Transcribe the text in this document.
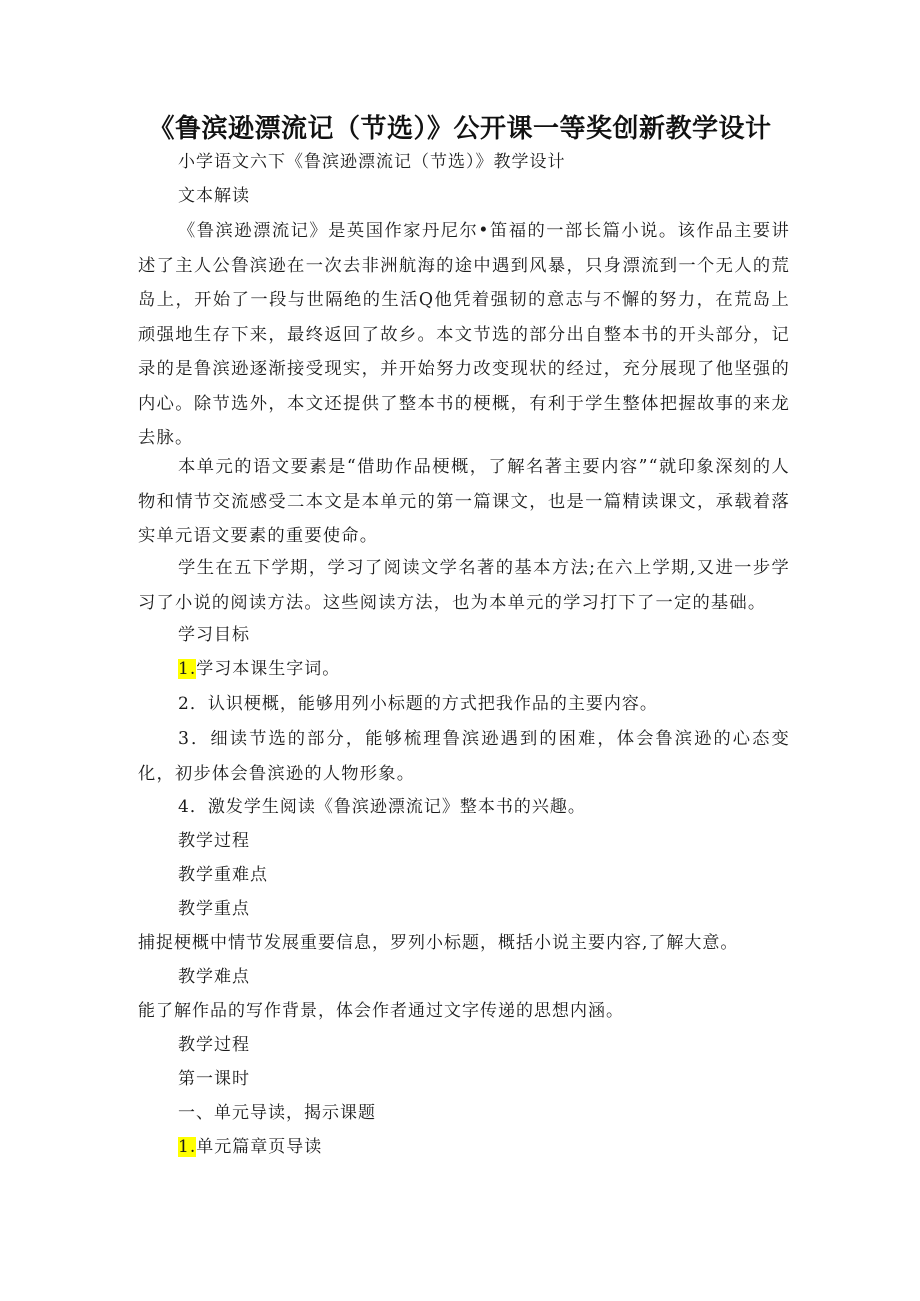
《鲁滨逊漂流记（节选）》公开课一等奖创新教学设计
小学语文六下《鲁滨逊漂流记（节选）》教学设计
文本解读
《鲁滨逊漂流记》是英国作家丹尼尔•笛福的一部长篇小说。该作品主要讲述了主人公鲁滨逊在一次去非洲航海的途中遇到风暴，只身漂流到一个无人的荒岛上，开始了一段与世隔绝的生活Q他凭着强韧的意志与不懈的努力，在荒岛上顽强地生存下来，最终返回了故乡。本文节选的部分出自整本书的开头部分，记录的是鲁滨逊逐渐接受现实，并开始努力改变现状的经过，充分展现了他坚强的内心。除节选外，本文还提供了整本书的梗概，有利于学生整体把握故事的来龙去脉。
本单元的语文要素是“借助作品梗概，了解名著主要内容”“就印象深刻的人物和情节交流感受二本文是本单元的第一篇课文，也是一篇精读课文，承载着落实单元语文要素的重要使命。
学生在五下学期，学习了阅读文学名著的基本方法;在六上学期,又进一步学习了小说的阅读方法。这些阅读方法，也为本单元的学习打下了一定的基础。
学习目标
1.学习本课生字词。
2．认识梗概，能够用列小标题的方式把我作品的主要内容。
3．细读节选的部分，能够梳理鲁滨逊遇到的困难，体会鲁滨逊的心态变化，初步体会鲁滨逊的人物形象。
4．激发学生阅读《鲁滨逊漂流记》整本书的兴趣。
教学过程
教学重难点
教学重点
捕捉梗概中情节发展重要信息，罗列小标题，概括小说主要内容,了解大意。
教学难点
能了解作品的写作背景，体会作者通过文字传递的思想内涵。
教学过程
第一课时
一、单元导读，揭示课题
1.单元篇章页导读
